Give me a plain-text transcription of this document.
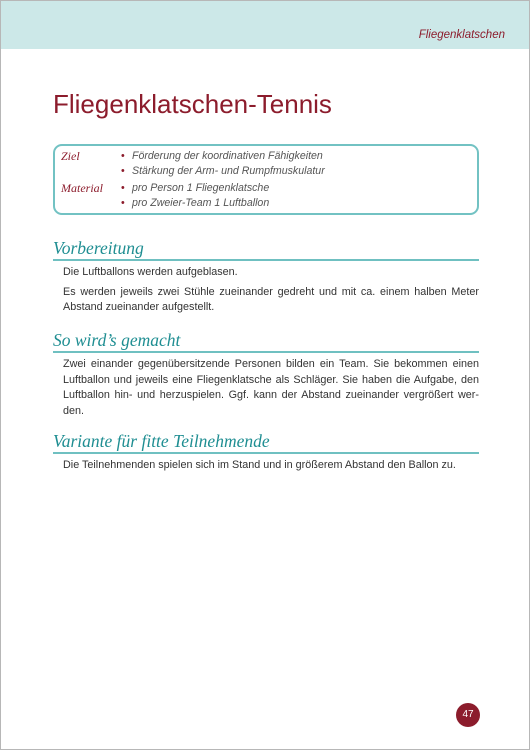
Fliegenklatschen
Fliegenklatschen-Tennis
Ziel	• Förderung der koordinativen Fähigkeiten
• Stärkung der Arm- und Rumpfmuskulatur
Material	• pro Person 1 Fliegenklatsche
• pro Zweier-Team 1 Luftballon
Vorbereitung
Die Luftballons werden aufgeblasen.
Es werden jeweils zwei Stühle zueinander gedreht und mit ca. einem halben Meter
Abstand zueinander aufgestellt.
So wird’s gemacht
Zwei einander gegenübersitzende Personen bilden ein Team. Sie bekommen einen
Luftballon und jeweils eine Fliegenklatsche als Schläger. Sie haben die Aufgabe, den
Luftballon hin- und herzuspielen. Ggf. kann der Abstand zueinander vergrößert wer-
den.
Variante für fitte Teilnehmende
Die Teilnehmenden spielen sich im Stand und in größerem Abstand den Ballon zu.
47
